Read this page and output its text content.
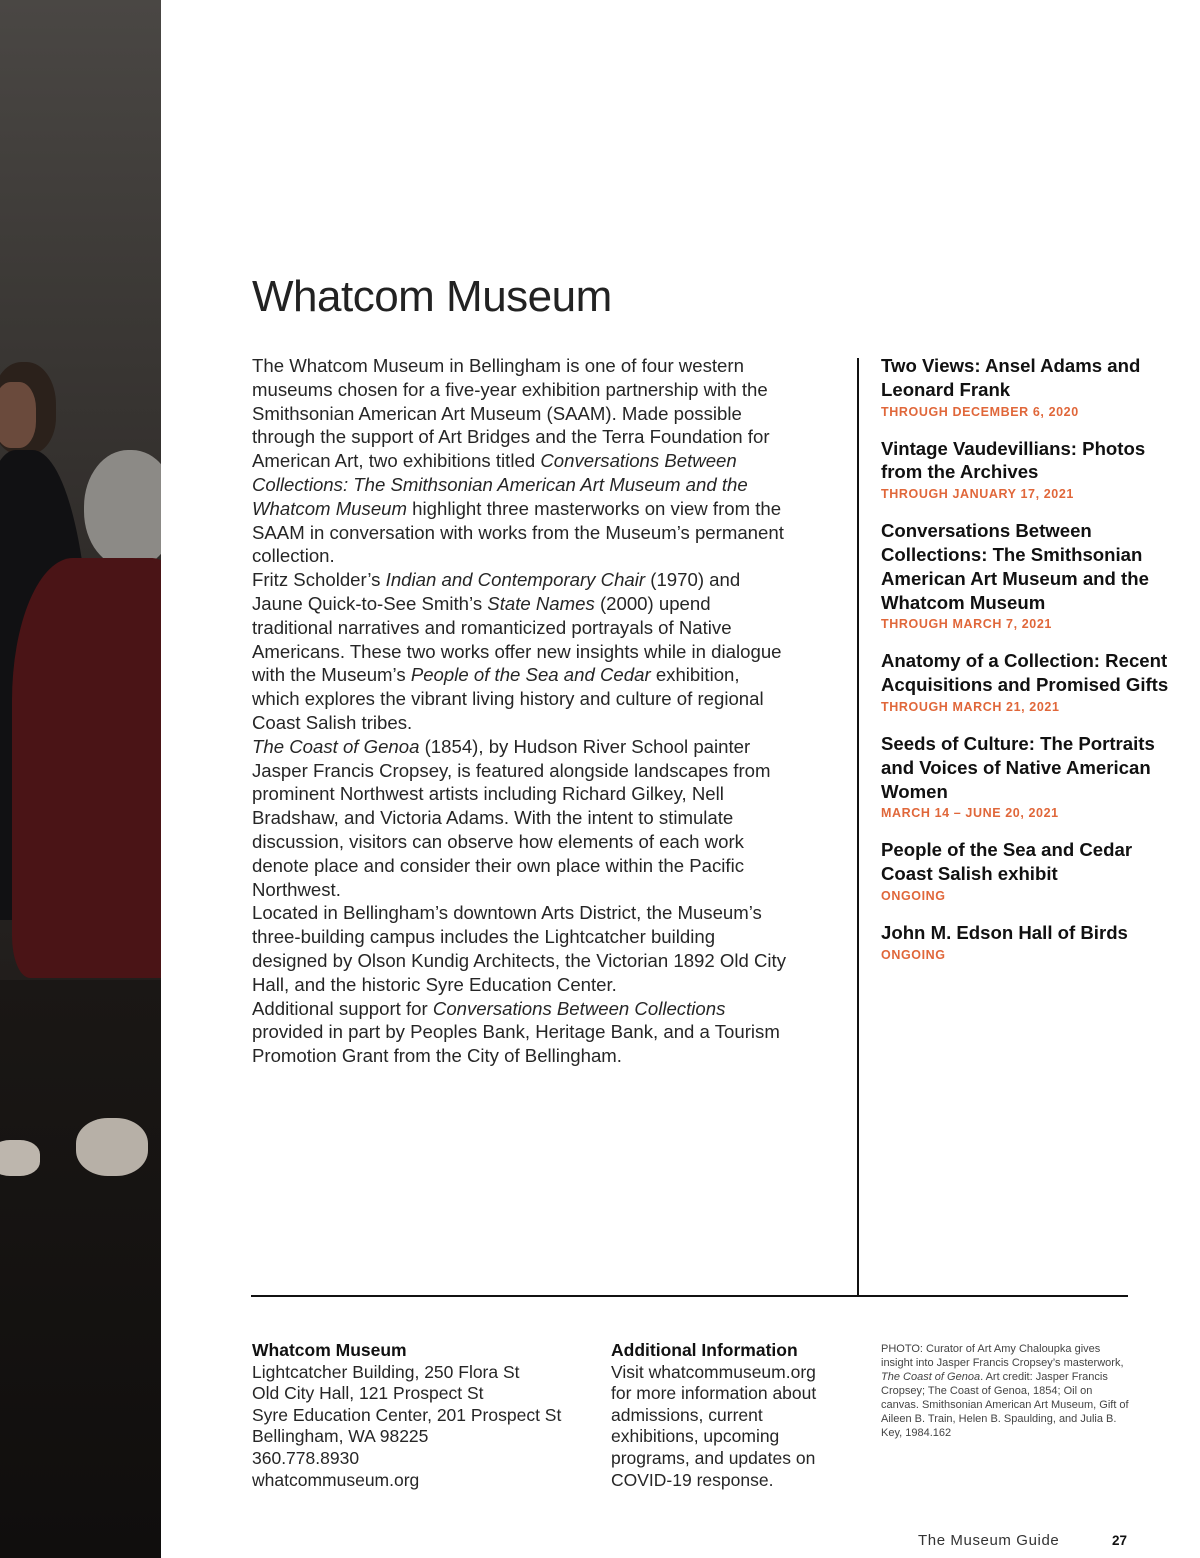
Whatcom Museum

The Whatcom Museum in Bellingham is one of four western museums chosen for a five-year exhibition partnership with the Smithsonian American Art Museum (SAAM). Made possible through the support of Art Bridges and the Terra Foundation for American Art, two exhibitions titled Conversations Between Collections: The Smithsonian American Art Museum and the Whatcom Museum highlight three masterworks on view from the SAAM in conversation with works from the Museum’s permanent collection.

Fritz Scholder’s Indian and Contemporary Chair (1970) and Jaune Quick-to-See Smith’s State Names (2000) upend traditional narratives and romanticized portrayals of Native Americans. These two works offer new insights while in dialogue with the Museum’s People of the Sea and Cedar exhibition, which explores the vibrant living history and culture of regional Coast Salish tribes.

The Coast of Genoa (1854), by Hudson River School painter Jasper Francis Cropsey, is featured alongside landscapes from prominent Northwest artists including Richard Gilkey, Nell Bradshaw, and Victoria Adams. With the intent to stimulate discussion, visitors can observe how elements of each work denote place and consider their own place within the Pacific Northwest.

Located in Bellingham’s downtown Arts District, the Museum’s three-building campus includes the Lightcatcher building designed by Olson Kundig Architects, the Victorian 1892 Old City Hall, and the historic Syre Education Center.

Additional support for Conversations Between Collections provided in part by Peoples Bank, Heritage Bank, and a Tourism Promotion Grant from the City of Bellingham.

Two Views: Ansel Adams and Leonard Frank
THROUGH DECEMBER 6, 2020
Vintage Vaudevillians: Photos from the Archives
THROUGH JANUARY 17, 2021
Conversations Between Collections: The Smithsonian American Art Museum and the Whatcom Museum
THROUGH MARCH 7, 2021
Anatomy of a Collection: Recent Acquisitions and Promised Gifts
THROUGH MARCH 21, 2021
Seeds of Culture: The Portraits and Voices of Native American Women
MARCH 14 – JUNE 20, 2021
People of the Sea and Cedar Coast Salish exhibit
ONGOING
John M. Edson Hall of Birds
ONGOING
Whatcom Museum
Lightcatcher Building, 250 Flora St
Old City Hall, 121 Prospect St
Syre Education Center, 201 Prospect St
Bellingham, WA 98225
360.778.8930
whatcommuseum.org
Additional Information
Visit whatcommuseum.org for more information about admissions, current exhibitions, upcoming programs, and updates on COVID-19 response.
PHOTO: Curator of Art Amy Chaloupka gives insight into Jasper Francis Cropsey’s masterwork, The Coast of Genoa. Art credit: Jasper Francis Cropsey; The Coast of Genoa, 1854; Oil on canvas. Smithsonian American Art Museum, Gift of Aileen B. Train, Helen B. Spaulding, and Julia B. Key, 1984.162
The Museum Guide	27
